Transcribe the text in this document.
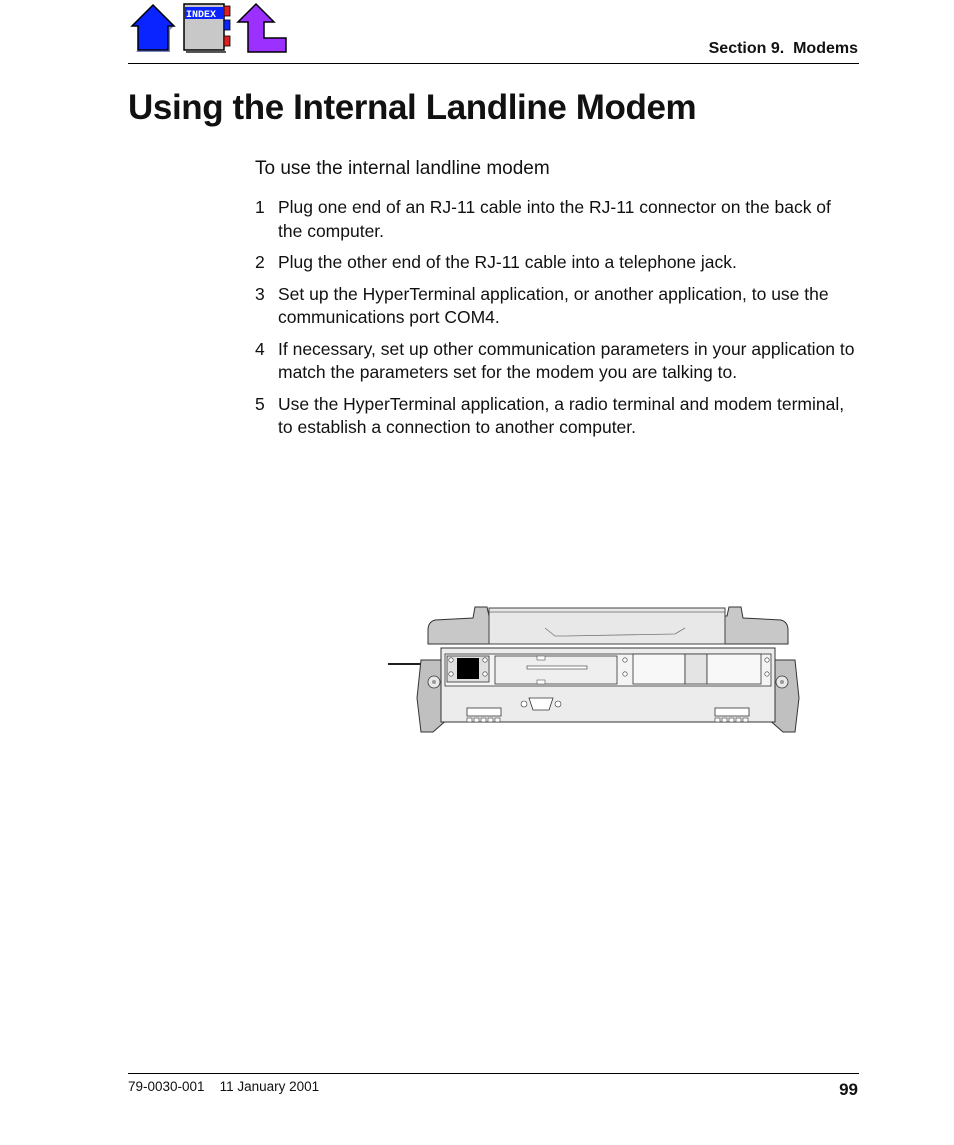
INDEX
Section 9.  Modems
Using the Internal Landline Modem
To use the internal landline modem
1 Plug one end of an RJ-11 cable into the RJ-11 connector on the back of the computer.
2 Plug the other end of the RJ-11 cable into a telephone jack.
3 Set up the HyperTerminal application, or another application, to use the communications port COM4.
4 If necessary, set up other communication parameters in your application to match the parameters set for the modem you are talking to.
5 Use the HyperTerminal application, a radio terminal and modem terminal, to establish a connection to another computer.
79-0030-001 11 January 2001	99
